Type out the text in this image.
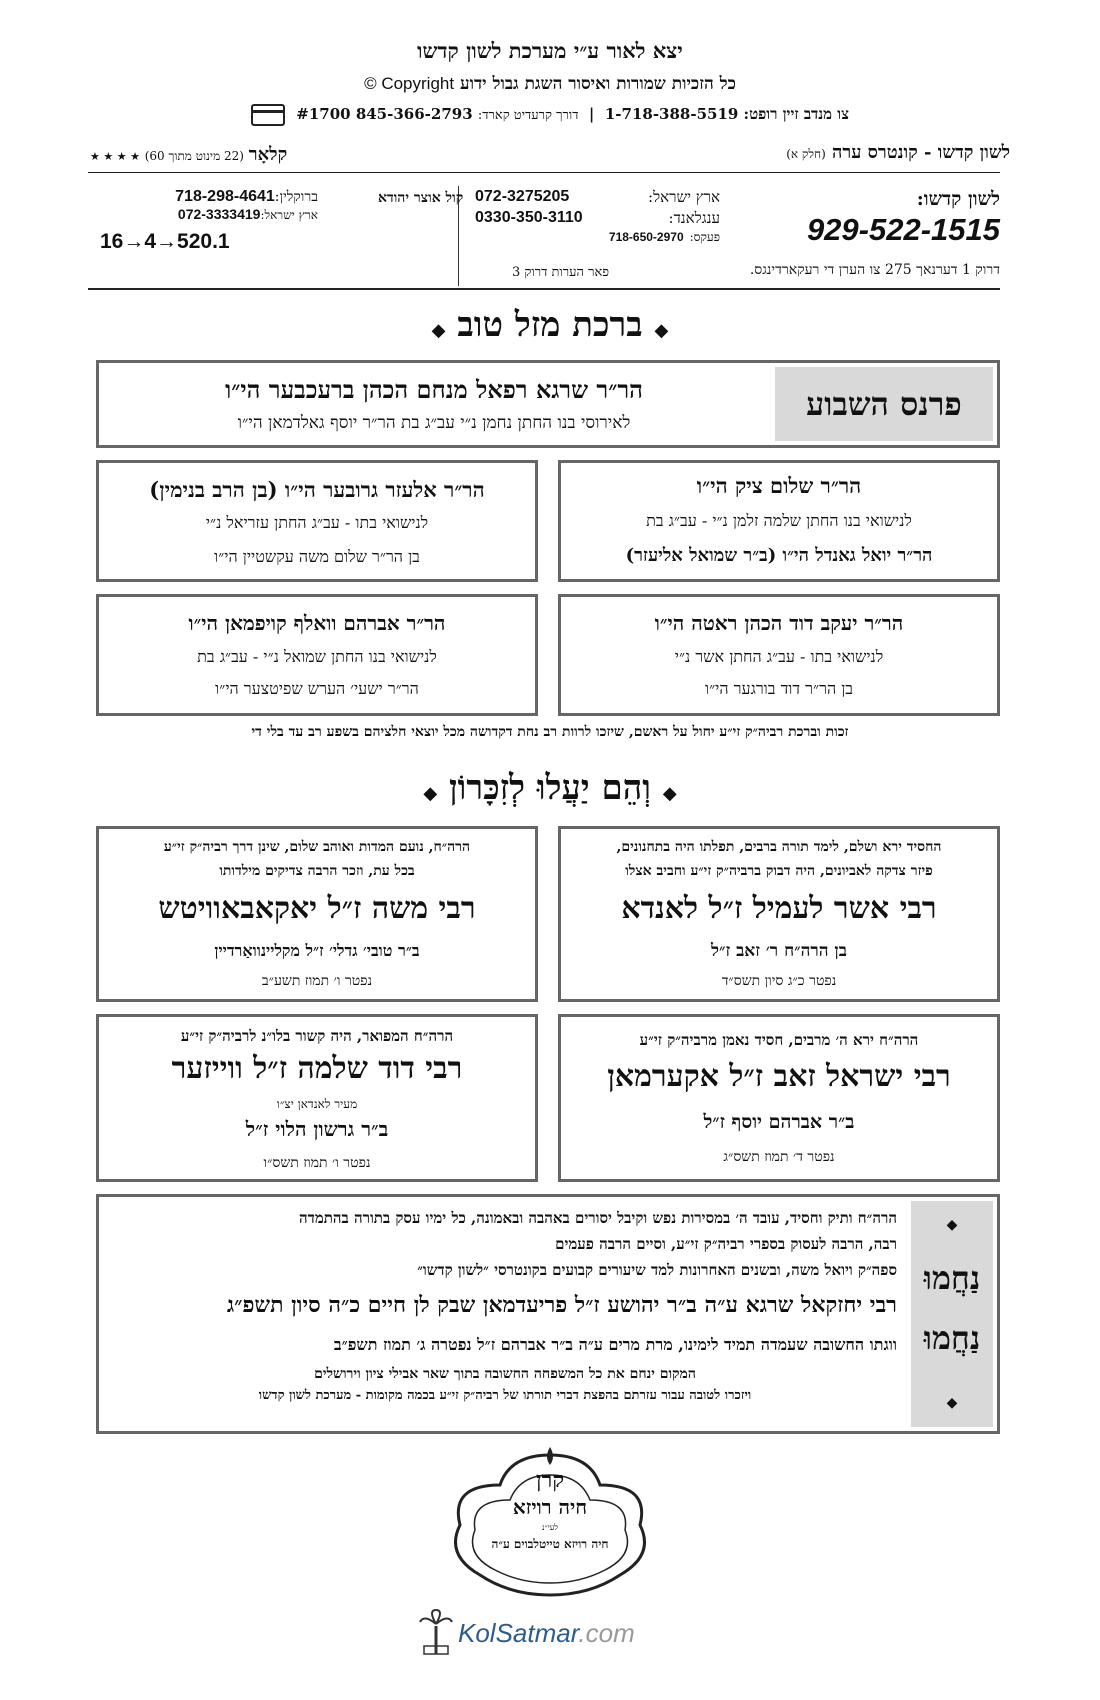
יצא לאור ע״י מערכת לשון קדשו
כל הזכיות שמורות ואיסור השגת גבול ידוע Copyright ©
צו מנדב זיין רופט: 1-718-388-5519  |  דורך קרעדיט קארד: 845-366-2793 #1700
לשון קדשו - קונטרס ערה (חלק א)
קלאָר (22 מינוט מתוך 60) ★ ★ ★ ★
לשון קדשו:
929-522-1515
דרוק 1 דערנאך 275 צו הערן די רעקארדינגס.
פאר הערות דרוק 3
ארץ ישראל:
072-3275205
ענגלאנד:
0330-350-3110
פעקס:
718-650-2970
קול אוצר יהודא
ברוקלין:718-298-4641
ארץ ישראל:072-3333419
16→4→520.1
◆ ברכת מזל טוב ◆
פרנס השבוע
הר״ר שרגא רפאל מנחם הכהן ברעכבער הי״ו
לאירוסי בנו החתן נחמן נ״י עב״ג בת הר״ר יוסף גאלדמאן הי״ו
הר״ר שלום ציק הי״ו
לנישואי בנו החתן שלמה זלמן נ״י - עב״ג בת
הר״ר יואל גאנדל הי״ו (ב״ר שמואל אליעזר)
הר״ר אלעזר גרובער הי״ו (בן הרב בנימין)
לנישואי בתו - עב״ג החתן עזריאל נ״י
בן הר״ר שלום משה עקשטיין הי״ו
הר״ר יעקב דוד הכהן ראטה הי״ו
לנישואי בתו - עב״ג החתן אשר נ״י
בן הר״ר דוד בורגער הי״ו
הר״ר אברהם וואלף קויפמאן הי״ו
לנישואי בנו החתן שמואל נ״י - עב״ג בת
הר״ר ישעי׳ הערש שפיטצער הי״ו
זכות וברכת רביה״ק זי״ע יחול על ראשם, שיזכו לרוות רב נחת דקדושה מכל יוצאי חלציהם בשפע רב עד בלי די
◆ וְהֵם יַעֲלוּ לְזִכָּרוֹן ◆
החסיד ירא ושלם, לימד תורה ברבים, תפלתו היה בתחנונים,
פיזר צדקה לאביונים, היה דבוק ברביה״ק זי״ע וחביב אצלו
רבי אשר לעמיל ז״ל לאנדא
בן הרה״ח ר׳ זאב ז״ל
נפטר כ״ג סיון תשס״ד
הרה״ח, נועם המדות ואוהב שלום, שינן דרך רביה״ק זי״ע
בכל עת, וזכר הרבה צדיקים מילדותו
רבי משה ז״ל יאקאבאוויטש
ב״ר טובי׳ גדלי׳ ז״ל מקליינוואַרדיין
נפטר ו׳ תמוז תשע״ב
הרה״ח ירא ה׳ מרבים, חסיד נאמן מרביה״ק זי״ע
רבי ישראל זאב ז״ל אקערמאן
ב״ר אברהם יוסף ז״ל
נפטר ד׳ תמוז תשס״ג
הרה״ח המפואר, היה קשור בלו״נ לרביה״ק זי״ע
רבי דוד שלמה ז״ל ווייזער
מעיר לאנדאן יצ״ו
ב״ר גרשון הלוי ז״ל
נפטר ו׳ תמוז תשס״ו
◆
נַחֲמוּ
נַחֲמוּ
◆
הרה״ח ותיק וחסיד, עובד ה׳ במסירות נפש וקיבל יסורים באהבה ובאמונה, כל ימיו עסק בתורה בהתמדה
רבה, הרבה לעסוק בספרי רביה״ק זי״ע, וסיים הרבה פעמים
ספה״ק ויואל משה, ובשנים האחרונות למד שיעורים קבועים בקונטרסי ״לשון קדשו״
רבי יחזקאל שרגא ע״ה ב״ר יהושע ז״ל פריעדמאן שבק לן חיים כ״ה סיון תשפ״ג
ווגתו החשובה שעמדה תמיד לימינו, מרת מרים ע״ה ב״ר אברהם ז״ל נפטרה ג׳ תמוז תשפ״ב
המקום ינחם את כל המשפחה החשובה בתוך שאר אבילי ציון וירושלים
ויזכרו לטובה עבור עזרתם בהפצת דברי תורתו של רביה״ק זי״ע בכמה מקומות - מערכת לשון קדשו
קרן
חיה רויזא
לעי״נ
חיה רויזא טייטלבוים ע״ה
KolSatmar.com
